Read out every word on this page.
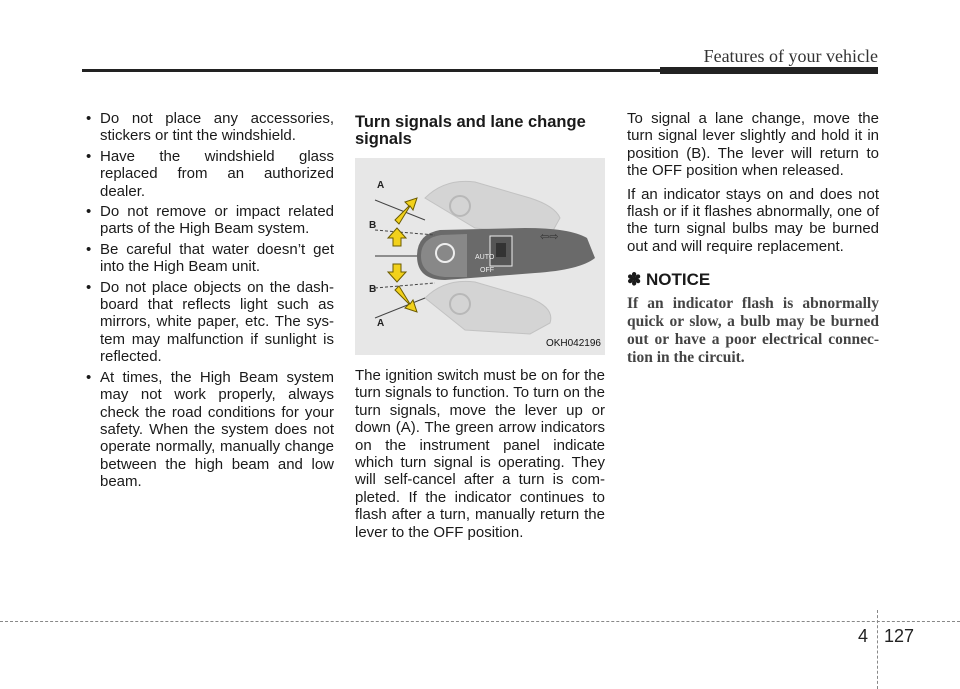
Features of your vehicle
• Do not place any accessories, stickers or tint the windshield.
• Have the windshield glass replaced from an authorized dealer.
• Do not remove or impact related parts of the High Beam system.
• Be careful that water doesn’t get into the High Beam unit.
• Do not place objects on the dash-board that reflects light such as mirrors, white paper, etc. The sys-tem may malfunction if sunlight is reflected.
• At times, the High Beam system may not work properly, always check the road conditions for your safety. When the system does not operate normally, manually change between the high beam and low beam.
Turn signals and lane change signals
AUTO
OFF
⇦⇨
A
B
B
A
OKH042196

The ignition switch must be on for the turn signals to function. To turn on the turn signals, move the lever up or down (A). The green arrow indicators on the instrument panel indicate which turn signal is operating. They will self-cancel after a turn is com-pleted. If the indicator continues to flash after a turn, manually return the lever to the OFF position.

To signal a lane change, move the turn signal lever slightly and hold it in position (B). The lever will return to the OFF position when released.

If an indicator stays on and does not flash or if it flashes abnormally, one of the turn signal bulbs may be burned out and will require replacement.

✽ NOTICE

If an indicator flash is abnormally quick or slow, a bulb may be burned out or have a poor electrical connec-tion in the circuit.

4 127
